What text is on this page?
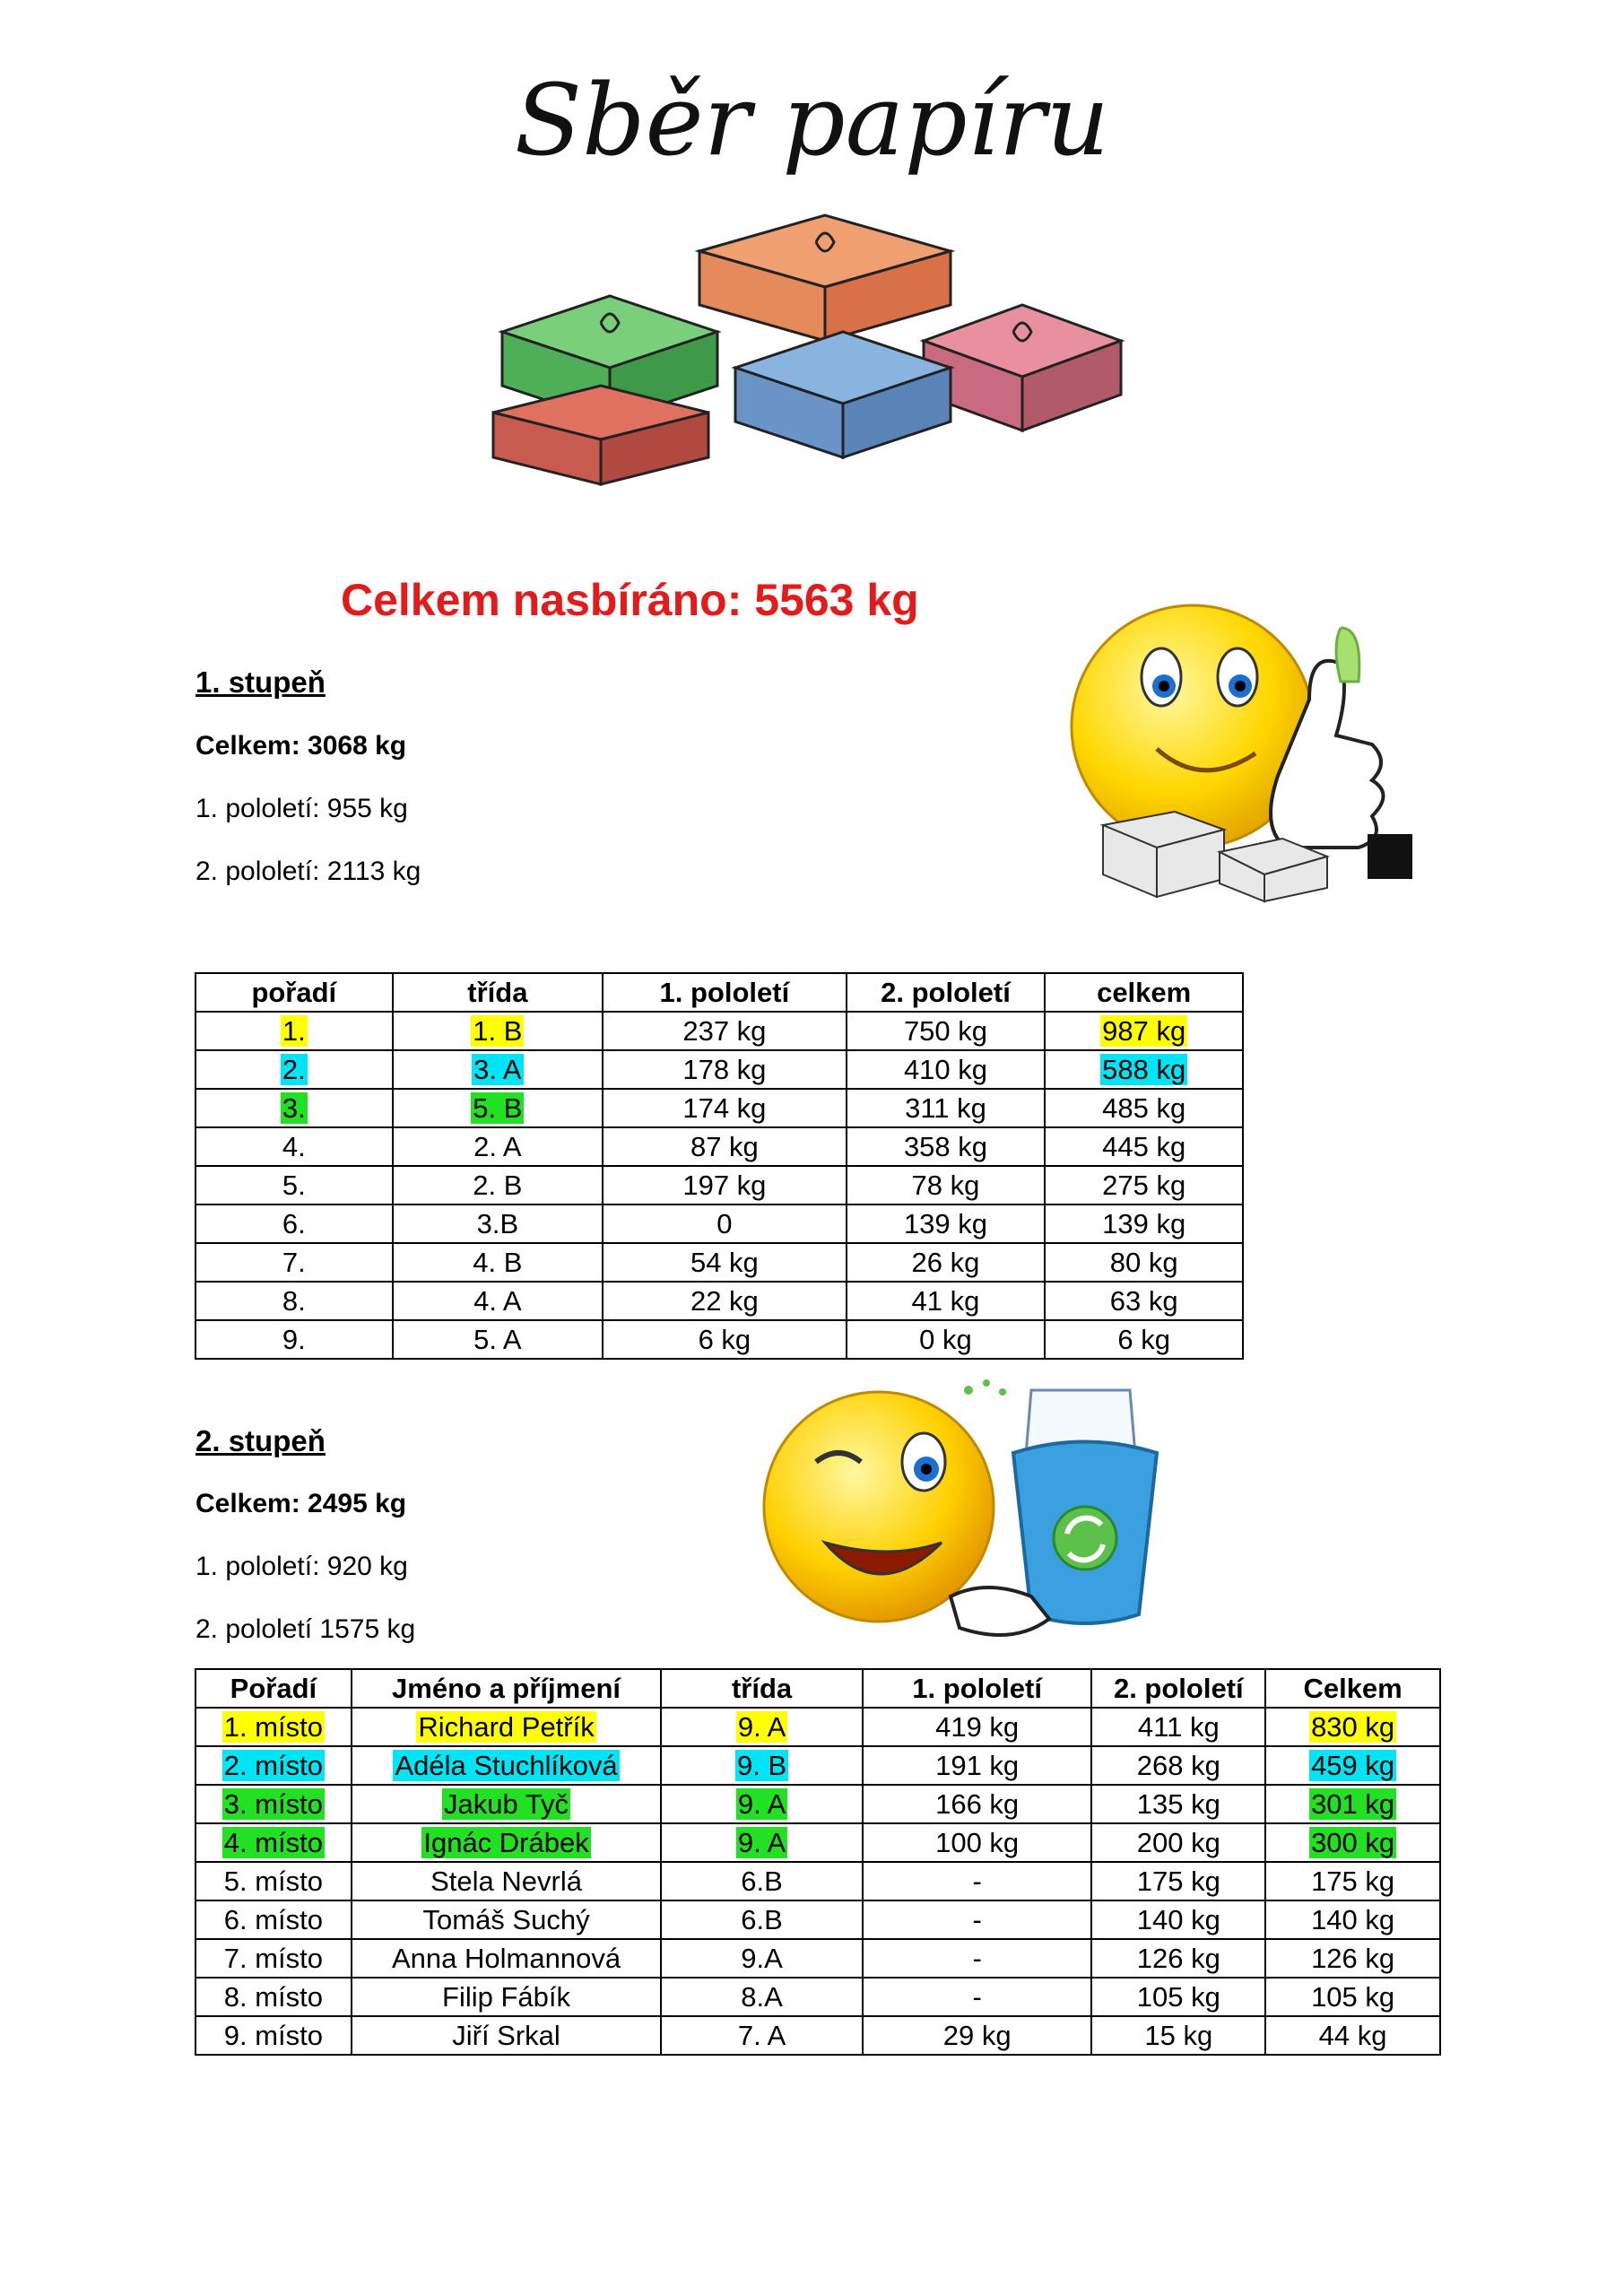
Sběr papíru
Celkem nasbíráno: 5563 kg
1. stupeň
Celkem: 3068 kg
1. pololetí: 955 kg
2. pololetí: 2113 kg
pořadí	třída	1. pololetí	2. pololetí	celkem
1.	1. B	237 kg	750 kg	987 kg
2.	3. A	178 kg	410 kg	588 kg
3.	5. B	174 kg	311 kg	485 kg
4.	2. A	87 kg	358 kg	445 kg
5.	2. B	197 kg	78 kg	275 kg
6.	3.B	0	139 kg	139 kg
7.	4. B	54 kg	26 kg	80 kg
8.	4. A	22 kg	41 kg	63 kg
9.	5. A	6 kg	0 kg	6 kg
2. stupeň
Celkem: 2495 kg
1. pololetí: 920 kg
2. pololetí 1575 kg
Pořadí	Jméno a příjmení	třída	1. pololetí	2. pololetí	Celkem
1. místo	Richard Petřík	9. A	419 kg	411 kg	830 kg
2. místo	Adéla Stuchlíková	9. B	191 kg	268 kg	459 kg
3. místo	Jakub Tyč	9. A	166 kg	135 kg	301 kg
4. místo	Ignác Drábek	9. A	100 kg	200 kg	300 kg
5. místo	Stela Nevrlá	6.B	-	175 kg	175 kg
6. místo	Tomáš Suchý	6.B	-	140 kg	140 kg
7. místo	Anna Holmannová	9.A	-	126 kg	126 kg
8. místo	Filip Fábík	8.A	-	105 kg	105 kg
9. místo	Jiří Srkal	7. A	29 kg	15 kg	44 kg
